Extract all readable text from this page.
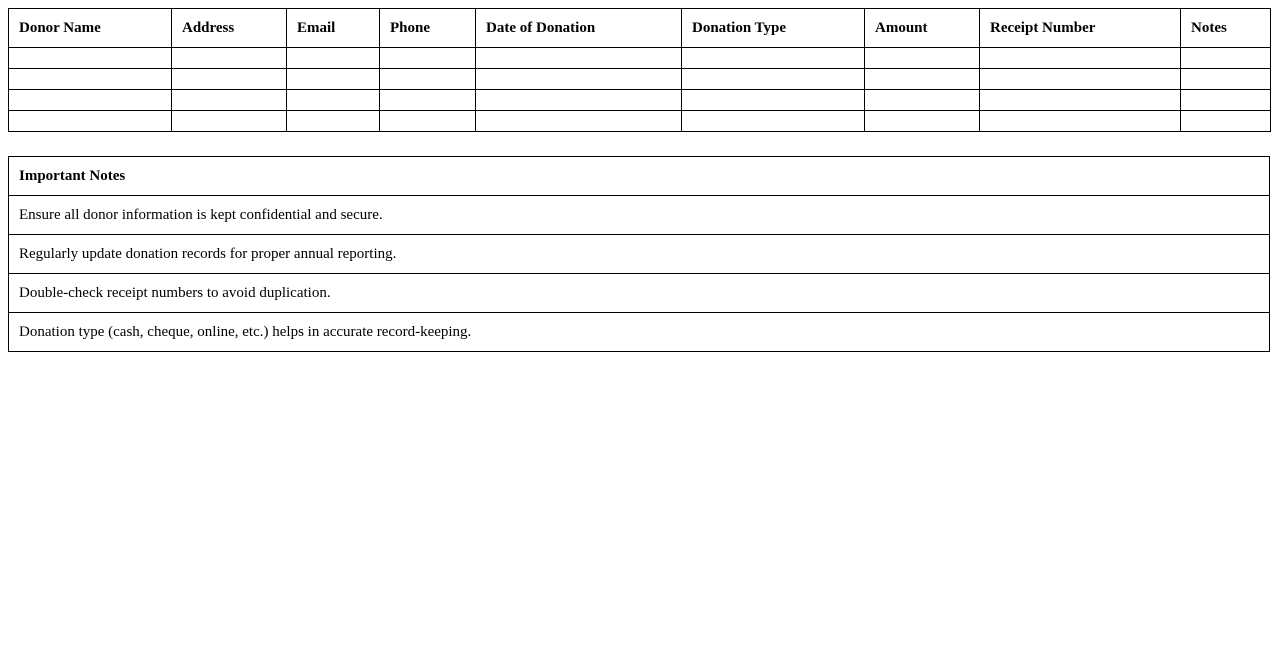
Donor Name	Address	Email	Phone	Date of Donation	Donation Type	Amount	Receipt Number	Notes

Important Notes
Ensure all donor information is kept confidential and secure.
Regularly update donation records for proper annual reporting.
Double-check receipt numbers to avoid duplication.
Donation type (cash, cheque, online, etc.) helps in accurate record-keeping.
